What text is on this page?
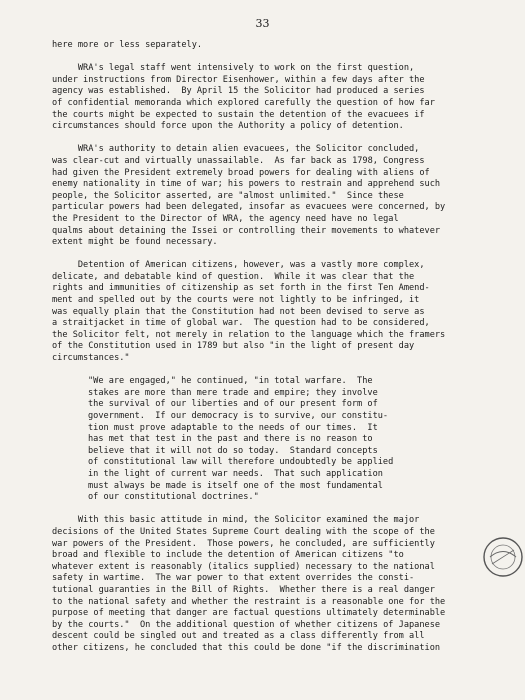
33
here more or less separately.
WRA's legal staff went intensively to work on the first question,
under instructions from Director Eisenhower, within a few days after the
agency was established.  By April 15 the Solicitor had produced a series
of confidential memoranda which explored carefully the question of how far
the courts might be expected to sustain the detention of the evacuees if
circumstances should force upon the Authority a policy of detention.
WRA's authority to detain alien evacuees, the Solicitor concluded,
was clear-cut and virtually unassailable.  As far back as 1798, Congress
had given the President extremely broad powers for dealing with aliens of
enemy nationality in time of war; his powers to restrain and apprehend such
people, the Solicitor asserted, are "almost unlimited."  Since these
particular powers had been delegated, insofar as evacuees were concerned, by
the President to the Director of WRA, the agency need have no legal
qualms about detaining the Issei or controlling their movements to whatever
extent might be found necessary.
Detention of American citizens, however, was a vastly more complex,
delicate, and debatable kind of question.  While it was clear that the
rights and immunities of citizenship as set forth in the first Ten Amend-
ment and spelled out by the courts were not lightly to be infringed, it
was equally plain that the Constitution had not been devised to serve as
a straitjacket in time of global war.  The question had to be considered,
the Solicitor felt, not merely in relation to the language which the framers
of the Constitution used in 1789 but also "in the light of present day
circumstances."
"We are engaged," he continued, "in total warfare.  The
stakes are more than mere trade and empire; they involve
the survival of our liberties and of our present form of
government.  If our democracy is to survive, our constitu-
tion must prove adaptable to the needs of our times.  It
has met that test in the past and there is no reason to
believe that it will not do so today.  Standard concepts
of constitutional law will therefore undoubtedly be applied
in the light of current war needs.  That such application
must always be made is itself one of the most fundamental
of our constitutional doctrines."
With this basic attitude in mind, the Solicitor examined the major
decisions of the United States Supreme Court dealing with the scope of the
war powers of the President.  Those powers, he concluded, are sufficiently
broad and flexible to include the detention of American citizens "to
whatever extent is reasonably (italics supplied) necessary to the national
safety in wartime.  The war power to that extent overrides the consti-
tutional guaranties in the Bill of Rights.  Whether there is a real danger
to the national safety and whether the restraint is a reasonable one for the
purpose of meeting that danger are factual questions ultimately determinable
by the courts."  On the additional question of whether citizens of Japanese
descent could be singled out and treated as a class differently from all
other citizens, he concluded that this could be done "if the discrimination
